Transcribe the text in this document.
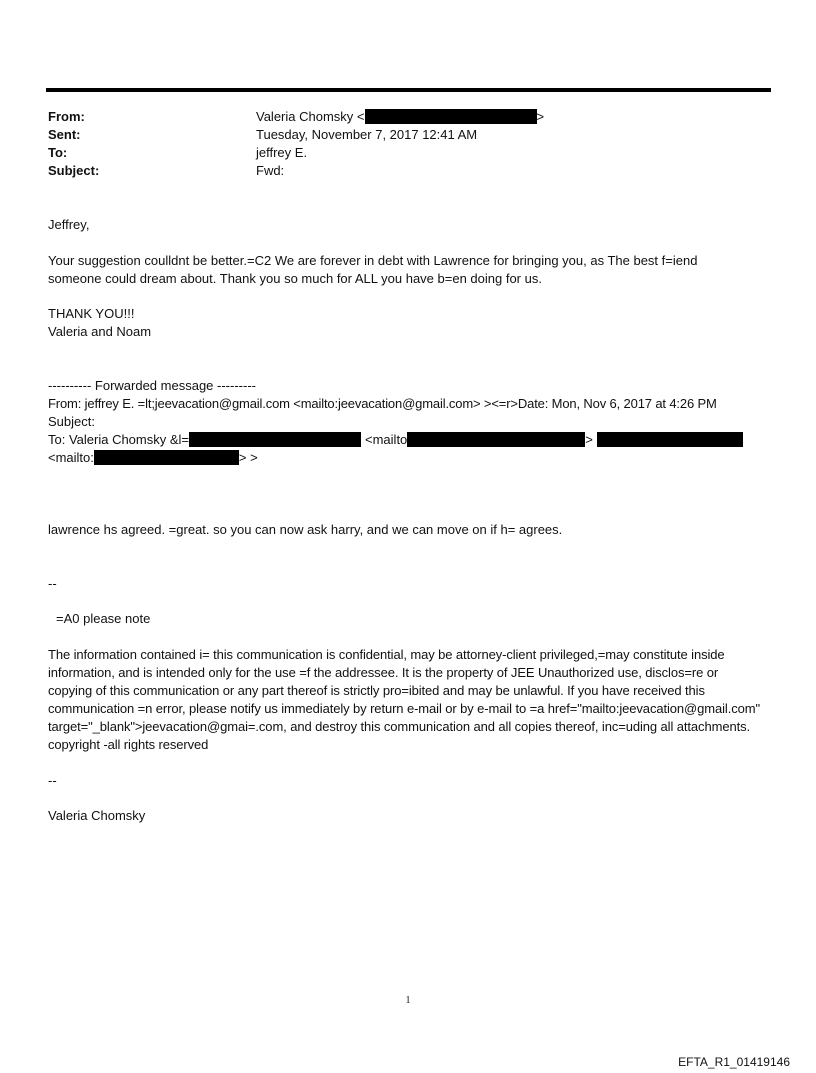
From:	Valeria Chomsky <	>
Sent:	Tuesday, November 7, 2017 12:41 AM
To:	jeffrey E.
Subject:	Fwd:
Jeffrey,
Your suggestion coulldnt be better.=C2 We are forever in debt with Lawrence for bringing you, as The best f=iend
someone could dream about. Thank you so much for ALL you have b=en doing for us.
THANK YOU!!!
Valeria and Noam
---------- Forwarded message ---------
From: jeffrey E. =lt;jeevacation@gmail.com <mailto:jeevacation@gmail.com> ><=r>Date: Mon, Nov 6, 2017 at 4:26 PM
Subject:
To: Valeria Chomsky &l=	<mailto	>
<mailto:	> >
lawrence hs agreed. =great. so you can now ask harry, and we can move on if h= agrees.
--
=A0 please note
The information contained i= this communication is confidential, may be attorney-client privileged,=may constitute inside information, and is intended only for the use =f the addressee. It is the property of JEE Unauthorized use, disclos=re or copying of this communication or any part thereof is strictly pro=ibited and may be unlawful. If you have received this communication =n error, please notify us immediately by return e-mail or by e-mail to =a href="mailto:jeevacation@gmail.com" target="_blank">jeevacation@gmai=.com, and destroy this communication and all copies thereof, inc=uding all attachments. copyright -all rights reserved
--
Valeria Chomsky
1
EFTA_R1_01419146
